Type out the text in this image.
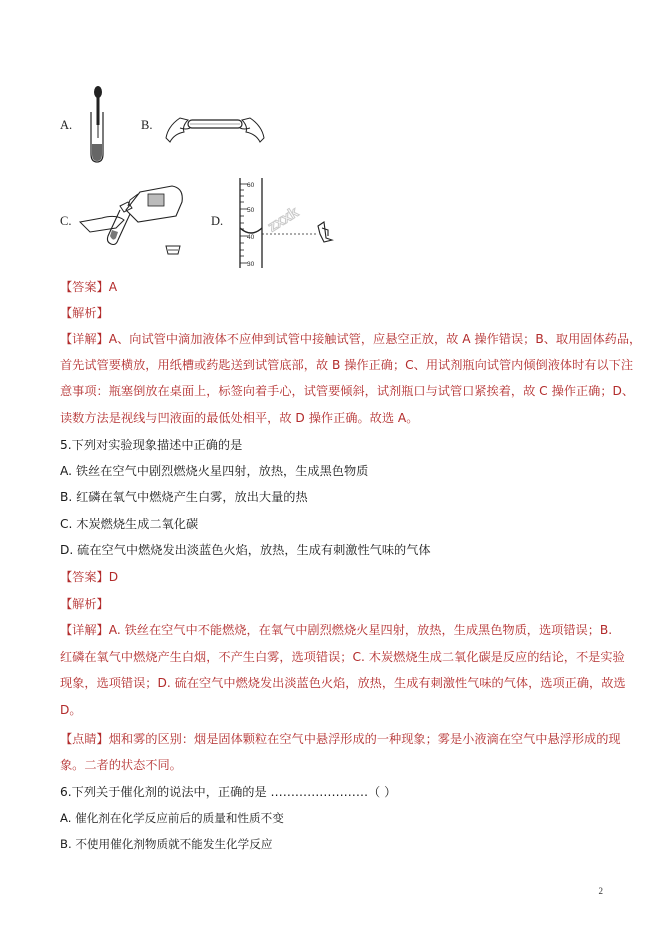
A.	B.
C.	D.
60
50
40
30
zxxk
【答案】A
【解析】
【详解】A、向试管中滴加液体不应伸到试管中接触试管，应悬空正放，故 A 操作错误；B、取用固体药品，
首先试管要横放，用纸槽或药匙送到试管底部，故 B 操作正确；C、用试剂瓶向试管内倾倒液体时有以下注
意事项：瓶塞倒放在桌面上，标签向着手心，试管要倾斜，试剂瓶口与试管口紧挨着，故 C 操作正确；D、
读数方法是视线与凹液面的最低处相平，故 D 操作正确。故选 A。
5.下列对实验现象描述中正确的是
A. 铁丝在空气中剧烈燃烧火星四射，放热，生成黑色物质
B. 红磷在氧气中燃烧产生白雾，放出大量的热
C. 木炭燃烧生成二氧化碳
D. 硫在空气中燃烧发出淡蓝色火焰，放热，生成有刺激性气味的气体
【答案】D
【解析】
【详解】A. 铁丝在空气中不能燃烧，在氧气中剧烈燃烧火星四射，放热，生成黑色物质，选项错误；B.
红磷在氧气中燃烧产生白烟，不产生白雾，选项错误；C. 木炭燃烧生成二氧化碳是反应的结论，不是实验
现象，选项错误；D. 硫在空气中燃烧发出淡蓝色火焰，放热，生成有刺激性气味的气体，选项正确，故选
D。
【点睛】烟和雾的区别：烟是固体颗粒在空气中悬浮形成的一种现象；雾是小液滴在空气中悬浮形成的现
象。二者的状态不同。
6.下列关于催化剂的说法中，正确的是 ……………………（ ）
A. 催化剂在化学反应前后的质量和性质不变
B. 不使用催化剂物质就不能发生化学反应
2
